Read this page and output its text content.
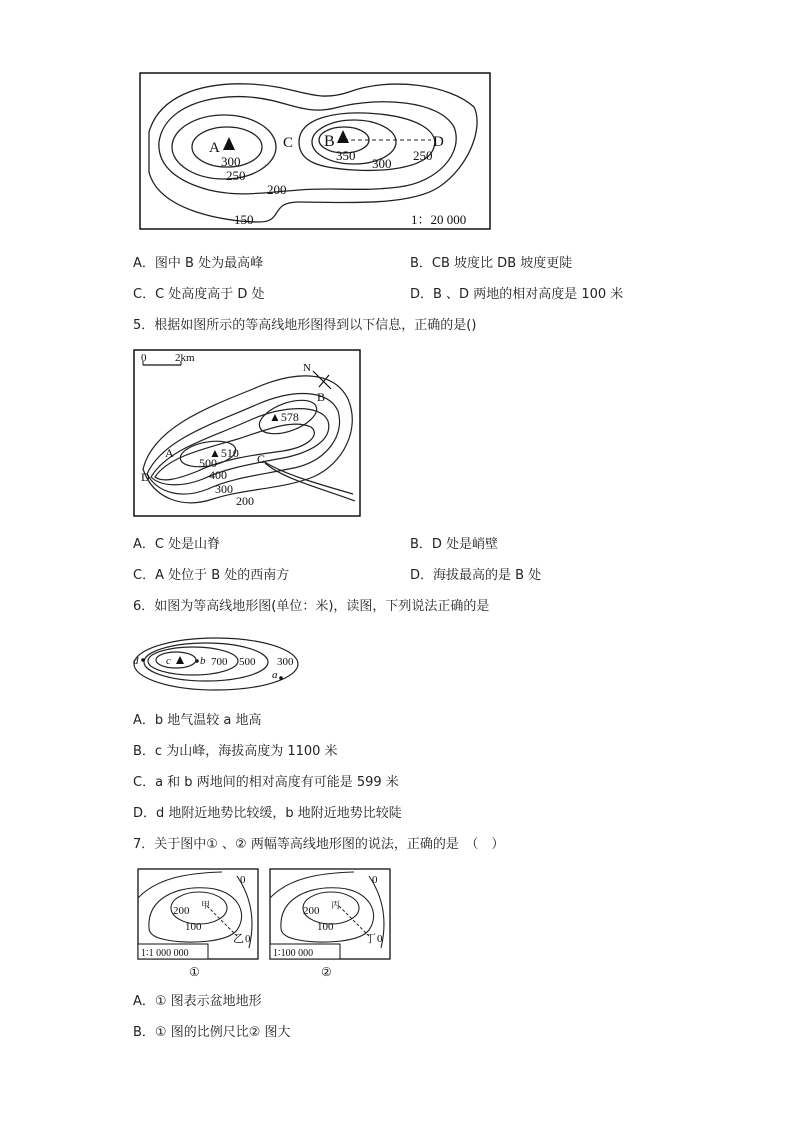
A	B
C	D
300	350
300
250
250
200
150	1：20 000
A．图中 B 处为最高峰	B．CB 坡度比 DB 坡度更陡
C．C 处高度高于 D 处	D．B 、D 两地的相对高度是 100 米
5．根据如图所示的等高线地形图得到以下信息，正确的是()
0	2km
N
A
B
C
D
▲510
▲578
500
400
300
200
A．C 处是山脊	B．D 处是峭壁
C．A 处位于 B 处的西南方	D．海拔最高的是 B 处
6．如图为等高线地形图(单位：米)，读图，下列说法正确的是
d	c	b
a
700 500 300
A．b 地气温较 a 地高
B．c 为山峰，海拔高度为 1100 米
C．a 和 b 两地间的相对高度有可能是 599 米
D．d 地附近地势比较缓，b 地附近地势比较陡
7．关于图中① 、② 两幅等高线地形图的说法，正确的是　（　）
0
200
100
甲
乙 0
1∶1 000 000
①
0
200
100
丙
丁 0
1∶100 000
②
A．① 图表示盆地地形
B．① 图的比例尺比② 图大
